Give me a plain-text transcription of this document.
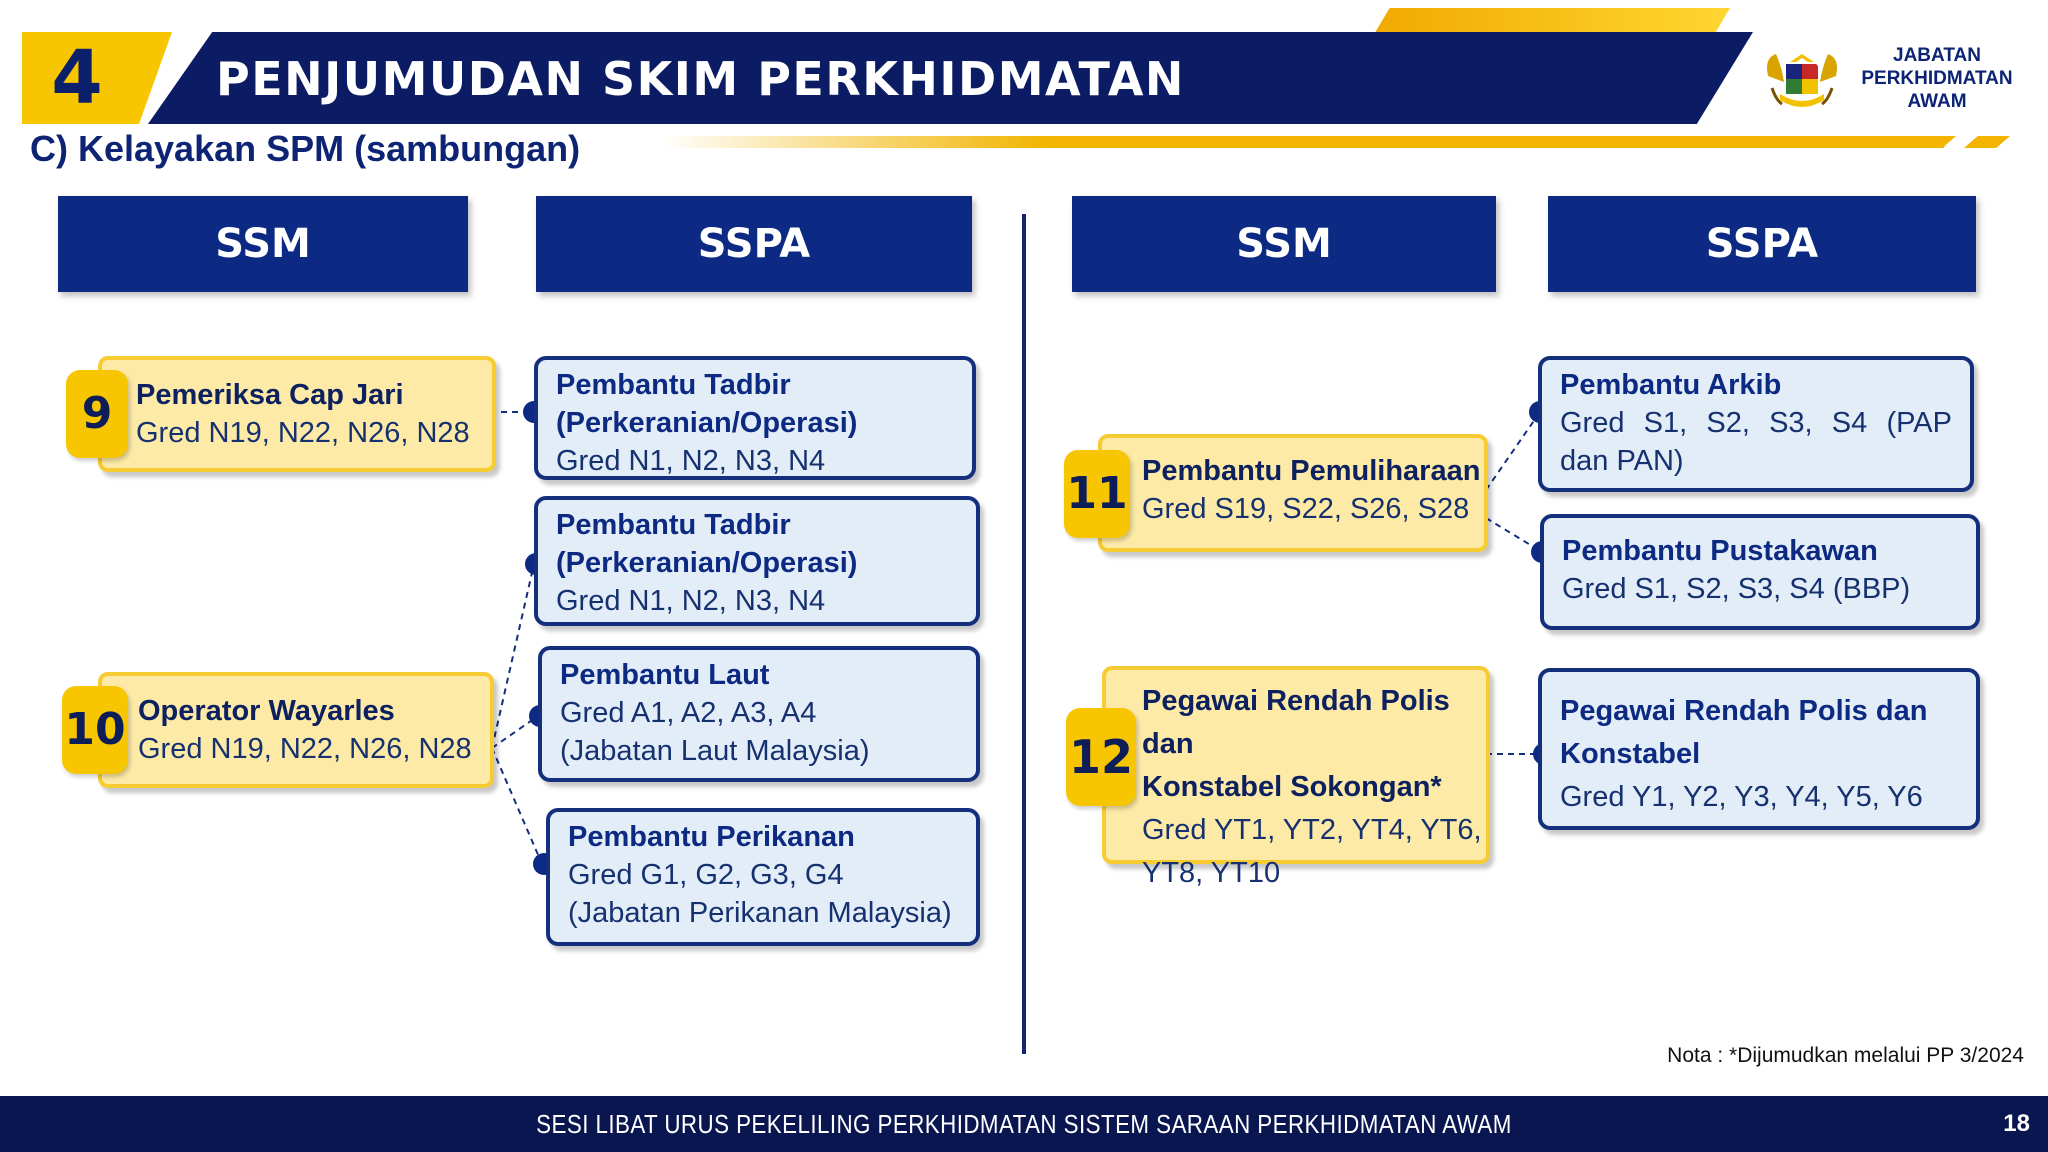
4	PENJUMUDAN SKIM PERKHIDMATAN
C) Kelayakan SPM (sambungan)
JABATAN
PERKHIDMATAN
AWAM
SSM	SSPA	SSM	SSPA
Pemeriksa Cap Jari
Gred N19, N22, N26, N28
9
Pembantu Tadbir
(Perkeranian/Operasi)
Gred N1, N2, N3, N4
Pembantu Tadbir
(Perkeranian/Operasi)
Gred N1, N2, N3, N4
Operator Wayarles
Gred N19, N22, N26, N28
10
Pembantu Laut
Gred A1, A2, A3, A4
(Jabatan Laut Malaysia)
Pembantu Perikanan
Gred G1, G2, G3, G4
(Jabatan Perikanan Malaysia)
Pembantu Pemuliharaan
Gred S19, S22, S26, S28
11
Pembantu Arkib
Gred S1, S2, S3, S4 (PAP dan PAN)
Pembantu Pustakawan
Gred S1, S2, S3, S4 (BBP)
Pegawai Rendah Polis dan
Konstabel Sokongan*
Gred YT1, YT2, YT4, YT6,
YT8, YT10
12
Pegawai Rendah Polis dan
Konstabel
Gred Y1, Y2, Y3, Y4, Y5, Y6
Nota : *Dijumudkan melalui PP 3/2024
SESI LIBAT URUS PEKELILING PERKHIDMATAN SISTEM SARAAN PERKHIDMATAN AWAM	18
